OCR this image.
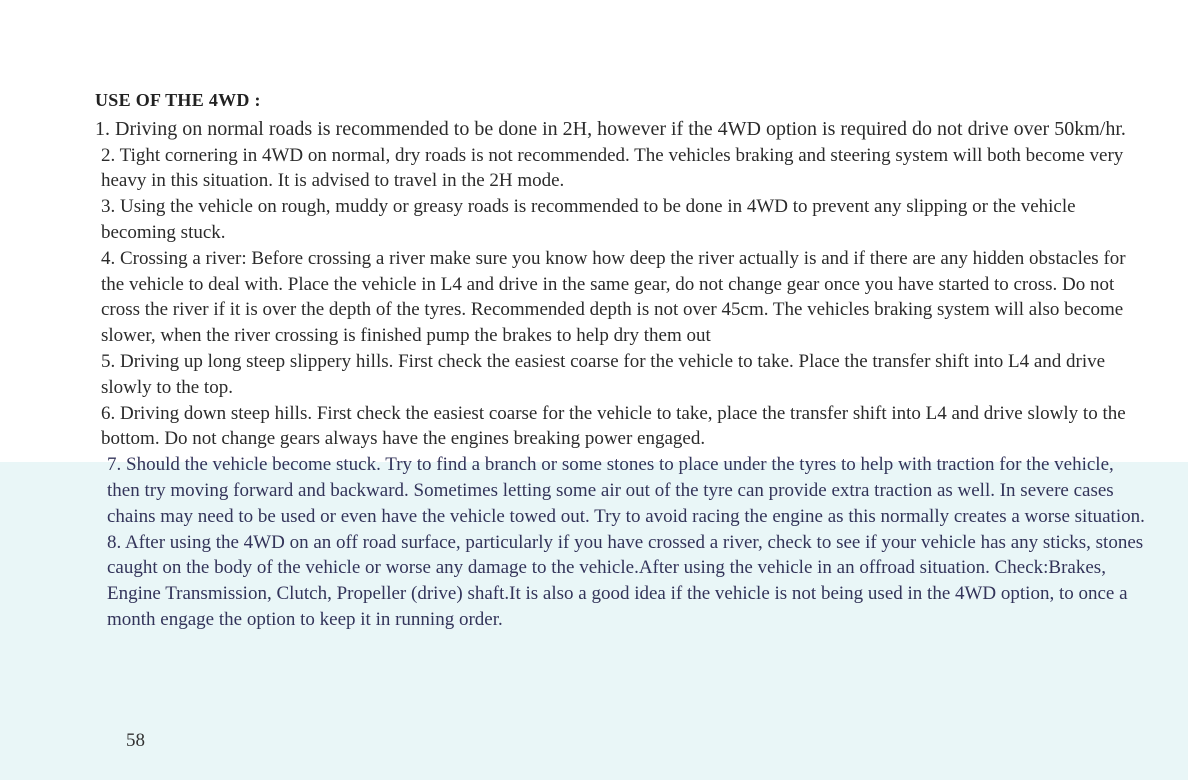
USE OF THE 4WD :

1. Driving on normal roads is recommended to be done in 2H, however if the 4WD option is required do not drive over 50km/hr.

2. Tight cornering in 4WD on normal, dry roads is not recommended. The vehicles braking and steering system will both become very heavy in this situation. It is advised to travel in the 2H mode.

3. Using the vehicle on rough, muddy or greasy roads is recommended to be done in 4WD to prevent any slipping or the vehicle becoming stuck.

4. Crossing a river: Before crossing a river make sure you know how deep the river actually is and if there are any hidden obstacles for the vehicle to deal with. Place the vehicle in L4 and drive in the same gear, do not change gear once you have started to cross. Do not cross the river if it is over the depth of the tyres. Recommended depth is not over 45cm. The vehicles braking system will also become slower, when the river crossing is finished pump the brakes to help dry them out

5. Driving up long steep slippery hills. First check the easiest coarse for the vehicle to take. Place the transfer shift into L4 and drive slowly to the top.

6. Driving down steep hills. First check the easiest coarse for the vehicle to take, place the transfer shift into L4 and drive slowly to the bottom. Do not change gears always have the engines breaking power engaged.

7. Should the vehicle become stuck. Try to find a branch or some stones to place under the tyres to help with traction for the vehicle, then try moving forward and backward. Sometimes letting some air out of the tyre can provide extra traction as well. In severe cases chains may need to be used or even have the vehicle towed out. Try to avoid racing the engine as this normally creates a worse situation.

8. After using the 4WD on an off road surface, particularly if you have crossed a river, check to see if your vehicle has any sticks, stones caught on the body of the vehicle or worse any damage to the vehicle.After using the vehicle in an offroad situation. Check:Brakes, Engine Transmission, Clutch, Propeller (drive) shaft.It is also a good idea if the vehicle is not being used in the 4WD option, to once a month engage the option to keep it in running order.

58
